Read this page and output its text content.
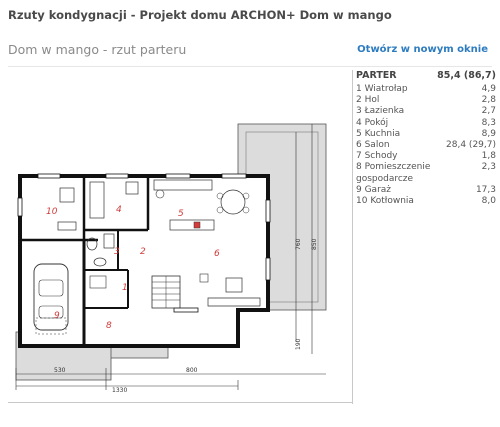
Rzuty kondygnacji - Projekt domu ARCHON+ Dom w mango
Dom w mango - rzut parteru	Otwórz w nowym oknie
10	4	5
3 2	6
1
9
8
530
1330
800
760 850
190
PARTER	85,4 (86,7)
1 Wiatrołap	4,9
2 Hol	2,8
3 Łazienka	2,7
4 Pokój	8,3
5 Kuchnia	8,9
6 Salon	28,4 (29,7)
7 Schody	1,8
8 Pomieszczenie gospodarcze
2,3
9 Garaż	17,3
10 Kotłownia	8,0
